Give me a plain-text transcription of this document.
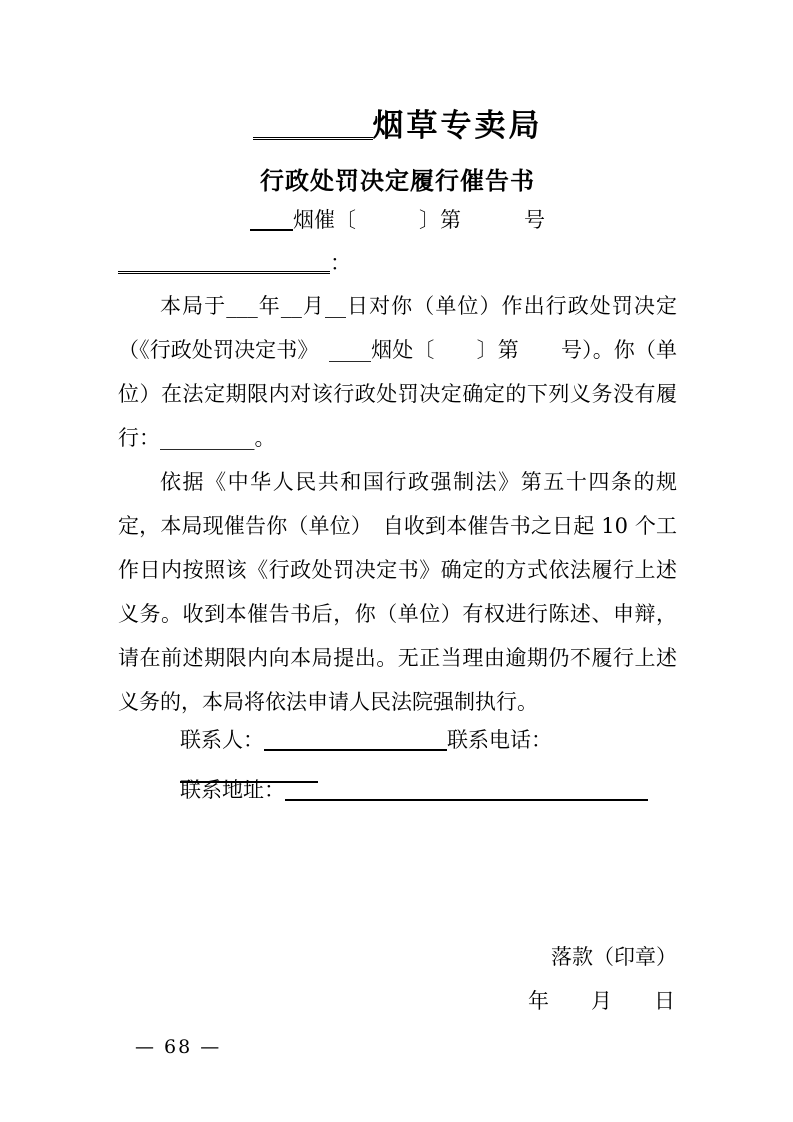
烟草专卖局
行政处罚决定履行催告书
烟催〔　　　〕第　　　号
：

本局于___年__月__日对你（单位）作出行政处罚决定（《行政处罚决定书》　____烟处〔　　〕第　　号）。你（单位）在法定期限内对该行政处罚决定确定的下列义务没有履行：_________。

依据《中华人民共和国行政强制法》第五十四条的规定，本局现催告你（单位）　自收到本催告书之日起 10 个工作日内按照该《行政处罚决定书》确定的方式依法履行上述义务。收到本催告书后，你（单位）有权进行陈述、申辩，请在前述期限内向本局提出。无正当理由逾期仍不履行上述义务的，本局将依法申请人民法院强制执行。

联系人：	联系电话：
联系地址：
落款（印章）
年　　月　　日
— 68 —
